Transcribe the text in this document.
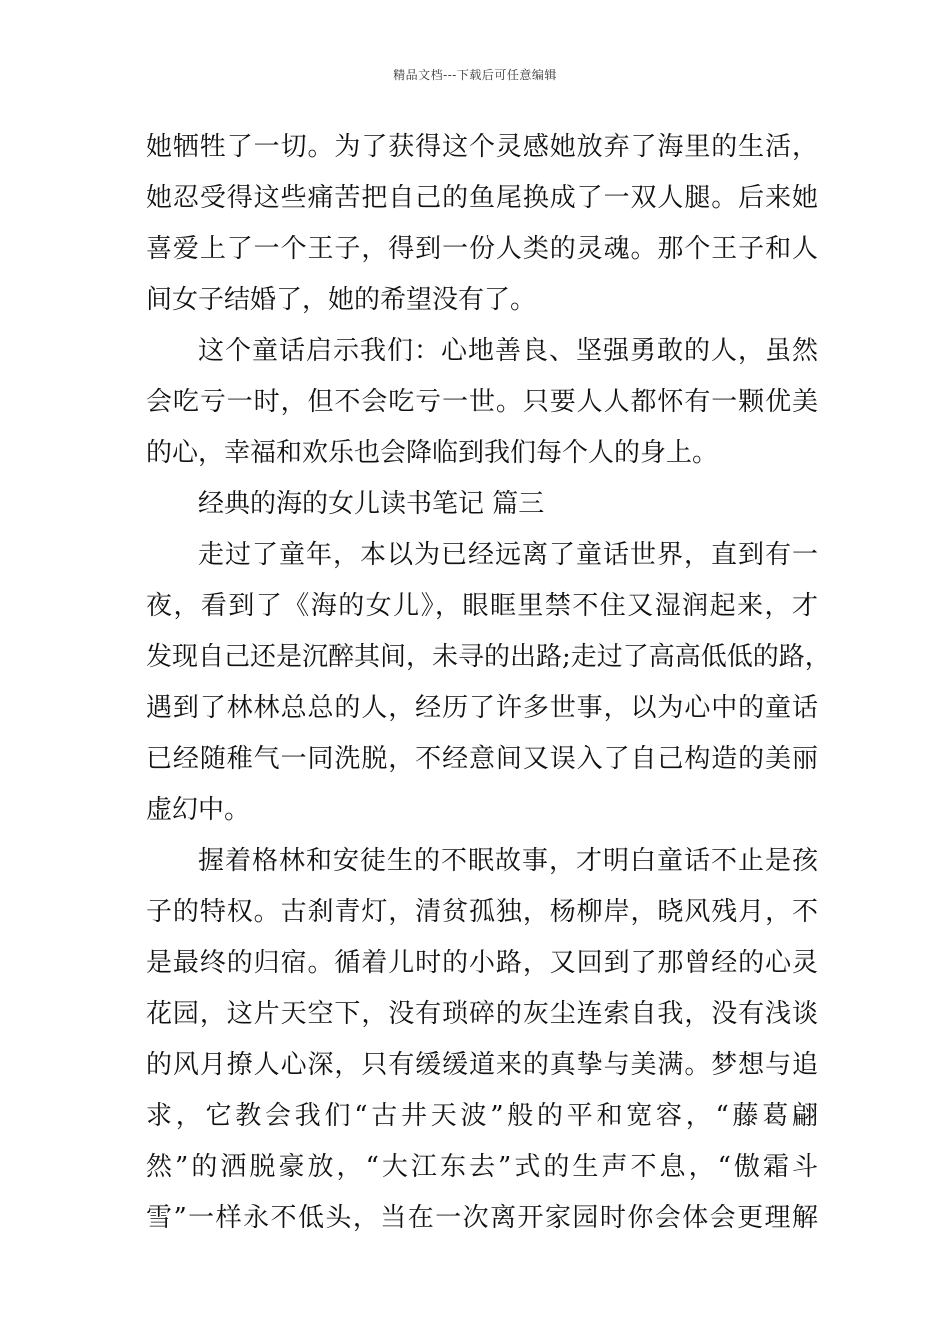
精品文档---下载后可任意编辑
她牺牲了一切。为了获得这个灵感她放弃了海里的生活，
她忍受得这些痛苦把自己的鱼尾换成了一双人腿。后来她
喜爱上了一个王子，得到一份人类的灵魂。那个王子和人
间女子结婚了，她的希望没有了。
这个童话启示我们：心地善良、坚强勇敢的人，虽然
会吃亏一时，但不会吃亏一世。只要人人都怀有一颗优美
的心，幸福和欢乐也会降临到我们每个人的身上。
经典的海的女儿读书笔记 篇三
走过了童年，本以为已经远离了童话世界，直到有一
夜，看到了《海的女儿》，眼眶里禁不住又湿润起来，才
发现自己还是沉醉其间，未寻的出路;走过了高高低低的路，
遇到了林林总总的人，经历了许多世事，以为心中的童话
已经随稚气一同洗脱，不经意间又误入了自己构造的美丽
虚幻中。
握着格林和安徒生的不眠故事，才明白童话不止是孩
子的特权。古刹青灯，清贫孤独，杨柳岸，晓风残月，不
是最终的归宿。循着儿时的小路，又回到了那曾经的心灵
花园，这片天空下，没有琐碎的灰尘连索自我，没有浅谈
的风月撩人心深，只有缓缓道来的真挚与美满。梦想与追
求，它教会我们“古井天波”般的平和宽容，“藤葛翩
然”的洒脱豪放，“大江东去”式的生声不息，“傲霜斗
雪”一样永不低头，当在一次离开家园时你会体会更理解
